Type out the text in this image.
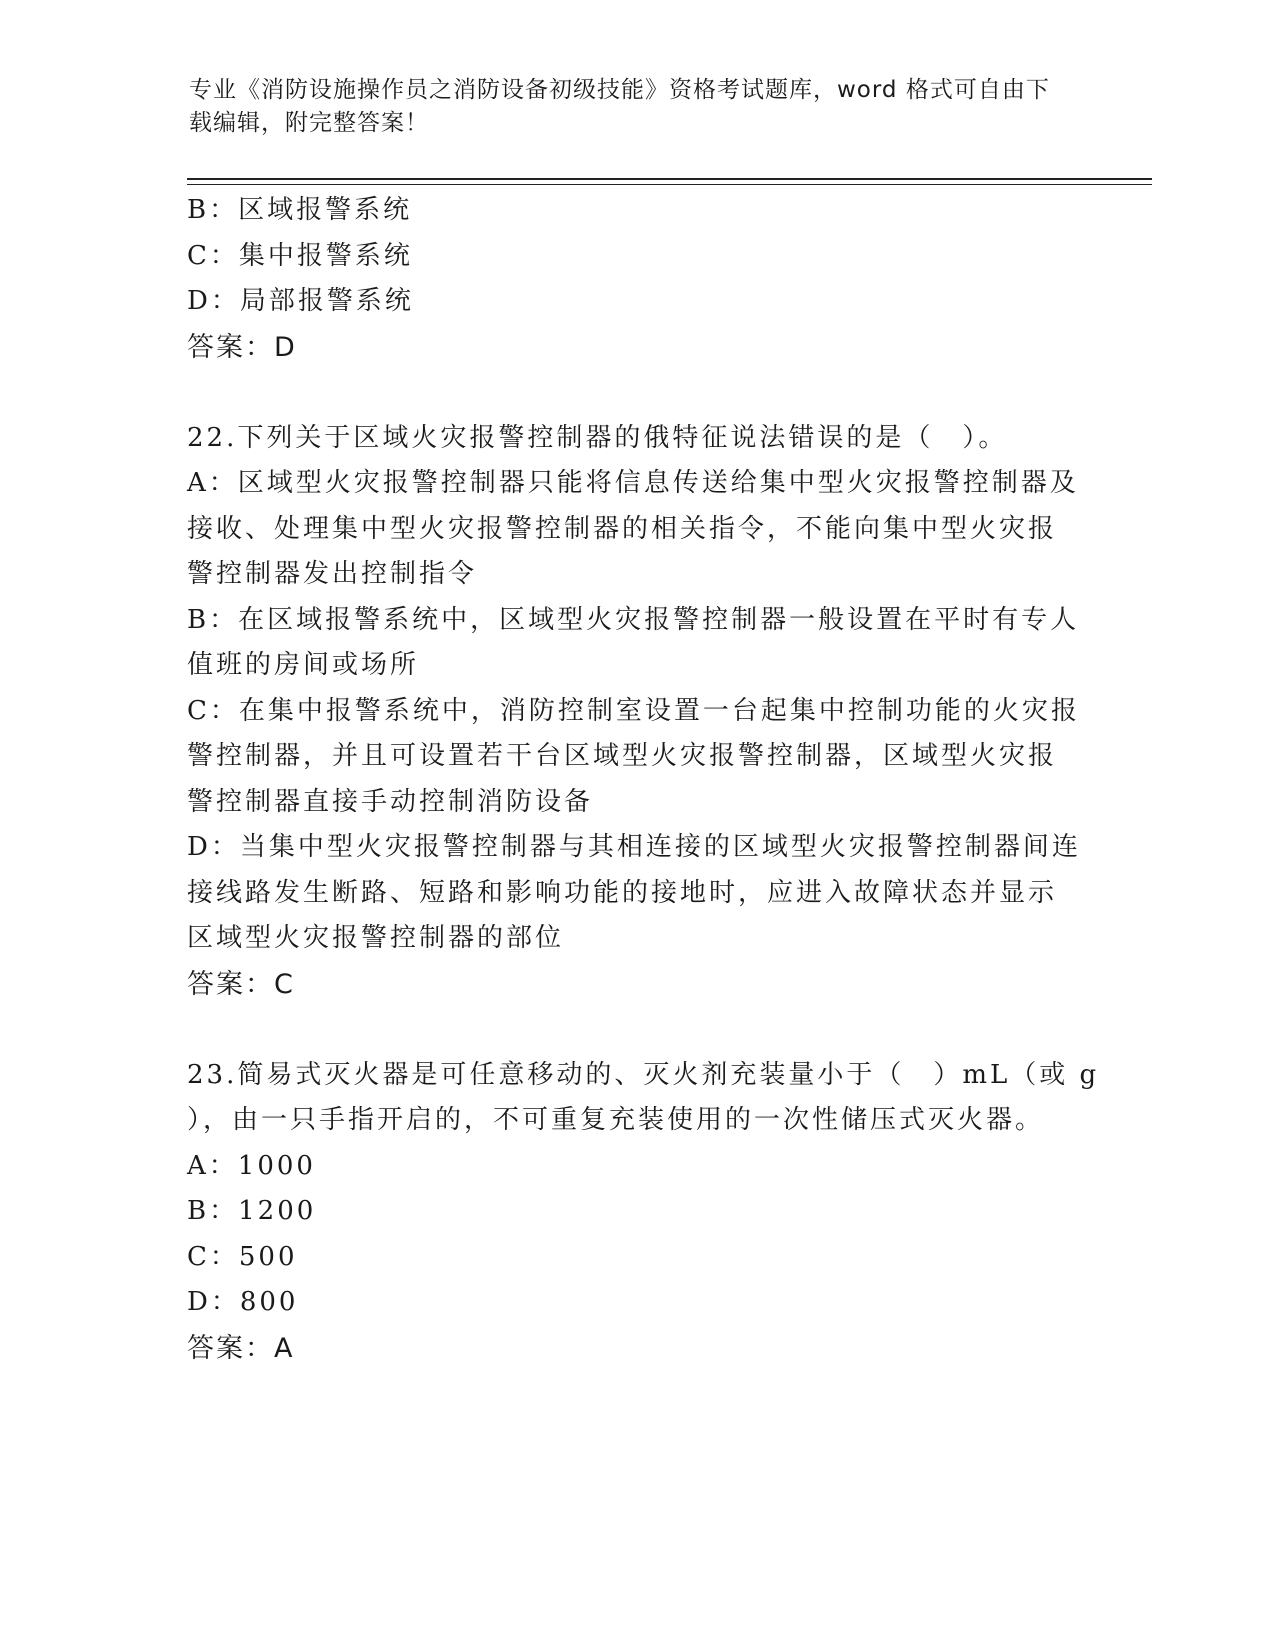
专业《消防设施操作员之消防设备初级技能》资格考试题库，word 格式可自由下
载编辑，附完整答案！
B：区域报警系统
C：集中报警系统
D：局部报警系统
答案：D
22.下列关于区域火灾报警控制器的俄特征说法错误的是（　）。
A：区域型火灾报警控制器只能将信息传送给集中型火灾报警控制器及
接收、处理集中型火灾报警控制器的相关指令，不能向集中型火灾报
警控制器发出控制指令
B：在区域报警系统中，区域型火灾报警控制器一般设置在平时有专人
值班的房间或场所
C：在集中报警系统中，消防控制室设置一台起集中控制功能的火灾报
警控制器，并且可设置若干台区域型火灾报警控制器，区域型火灾报
警控制器直接手动控制消防设备
D：当集中型火灾报警控制器与其相连接的区域型火灾报警控制器间连
接线路发生断路、短路和影响功能的接地时，应进入故障状态并显示
区域型火灾报警控制器的部位
答案：C
23.简易式灭火器是可任意移动的、灭火剂充装量小于（　）mL（或 g
），由一只手指开启的，不可重复充装使用的一次性储压式灭火器。
A：1000
B：1200
C：500
D：800
答案：A
